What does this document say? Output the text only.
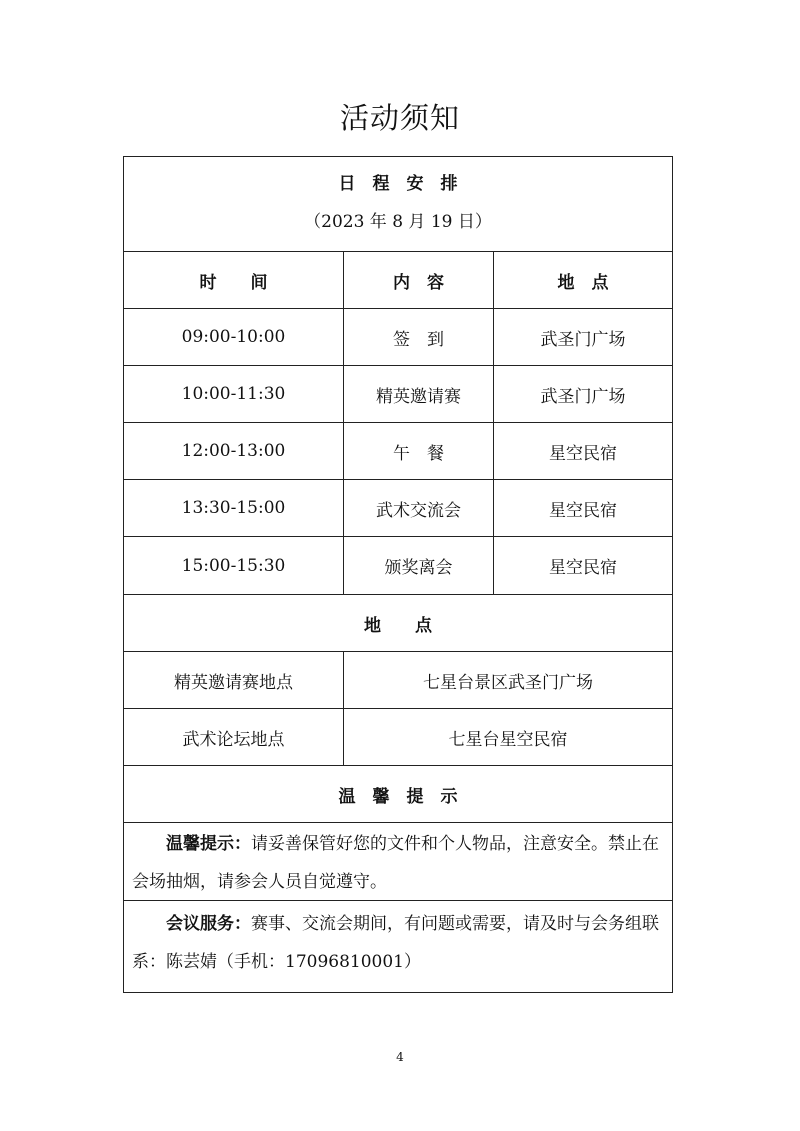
活动须知
日　程　安　排
（2023 年 8 月 19 日）
时　　间	内　容	地　点
09:00-10:00	签　到	武圣门广场
10:00-11:30	精英邀请赛	武圣门广场
12:00-13:00	午　餐	星空民宿
13:30-15:00	武术交流会	星空民宿
15:00-15:30	颁奖离会	星空民宿
地　　点
精英邀请赛地点	七星台景区武圣门广场
武术论坛地点	七星台星空民宿
温　馨　提　示
温馨提示：请妥善保管好您的文件和个人物品，注意安全。禁止在会场抽烟，请参会人员自觉遵守。
会议服务：赛事、交流会期间，有问题或需要，请及时与会务组联系：陈芸婧（手机：17096810001）
4
